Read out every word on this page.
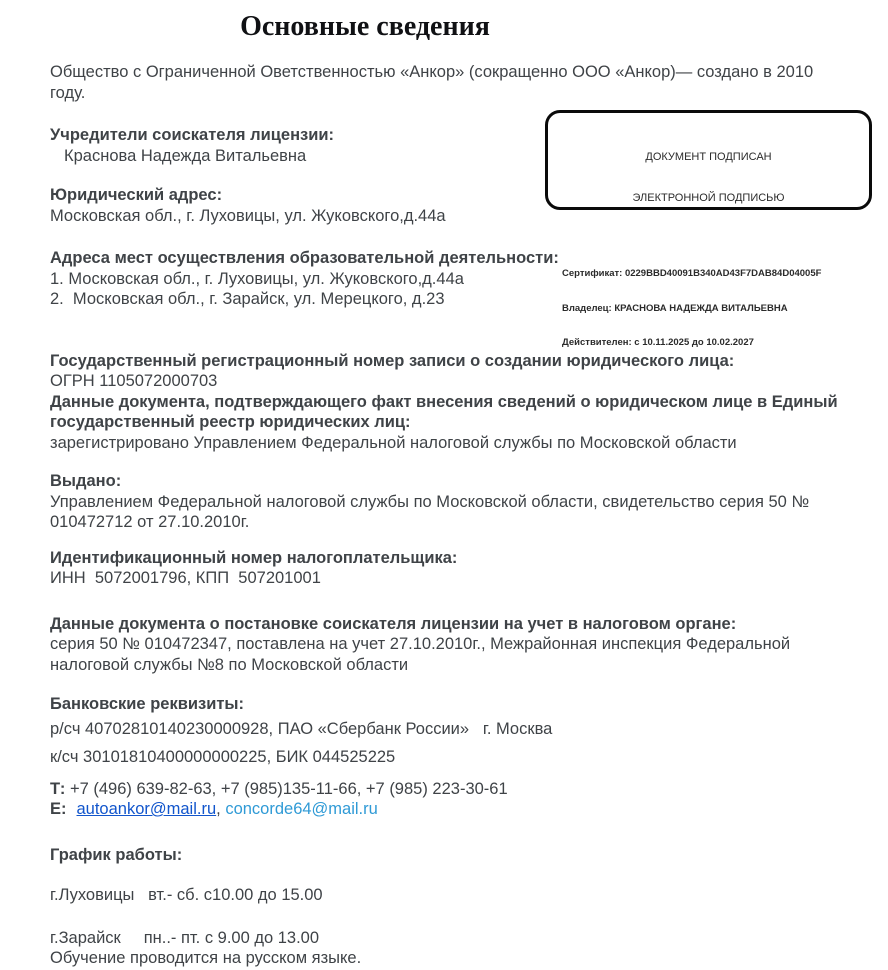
Основные сведения

Общество с Ограниченной Оветственностью «Анкор» (сокращенно ООО «Анкор)— создано в 2010 году.

ДОКУМЕНТ ПОДПИСАН

ЭЛЕКТРОННОЙ ПОДПИСЬЮ

Сертификат: 0229BBD40091B340AD43F7DAB84D04005F

Владелец: КРАСНОВА НАДЕЖДА ВИТАЛЬЕВНА

Действителен: с 10.11.2025 до 10.02.2027

Учредители соискателя лицензии:

Краснова Надежда Витальевна

Юридический адрес:

Московская обл., г. Луховицы, ул. Жуковского,д.44а

Адреса мест осуществления образовательной деятельности:

1. Московская обл., г. Луховицы, ул. Жуковского,д.44а

2.  Московская обл., г. Зарайск, ул. Мерецкого, д.23

Государственный регистрационный номер записи о создании юридического лица:

ОГРН 1105072000703

Данные документа, подтверждающего факт внесения сведений о юридическом лице в Единый государственный реестр юридических лиц:

зарегистрировано Управлением Федеральной налоговой службы по Московской области

Выдано:

Управлением Федеральной налоговой службы по Московской области, свидетельство серия 50 № 010472712 от 27.10.2010г.

Идентификационный номер налогоплательщика:

ИНН  5072001796, КПП  507201001

Данные документа о постановке соискателя лицензии на учет в налоговом органе:

серия 50 № 010472347, поставлена на учет 27.10.2010г., Межрайонная инспекция Федеральной налоговой службы №8 по Московской области

Банковские реквизиты:

р/сч 40702810140230000928, ПАО «Сбербанк России»   г. Москва

к/сч 30101810400000000225, БИК 044525225

Т: +7 (496) 639-82-63, +7 (985)135-11-66, +7 (985) 223-30-61

Е: autoankor@mail.ru, concorde64@mail.ru

График работы:

г.Луховицы   вт.- сб. с10.00 до 15.00

г.Зарайск     пн..- пт. с 9.00 до 13.00

Обучение проводится на русском языке.
